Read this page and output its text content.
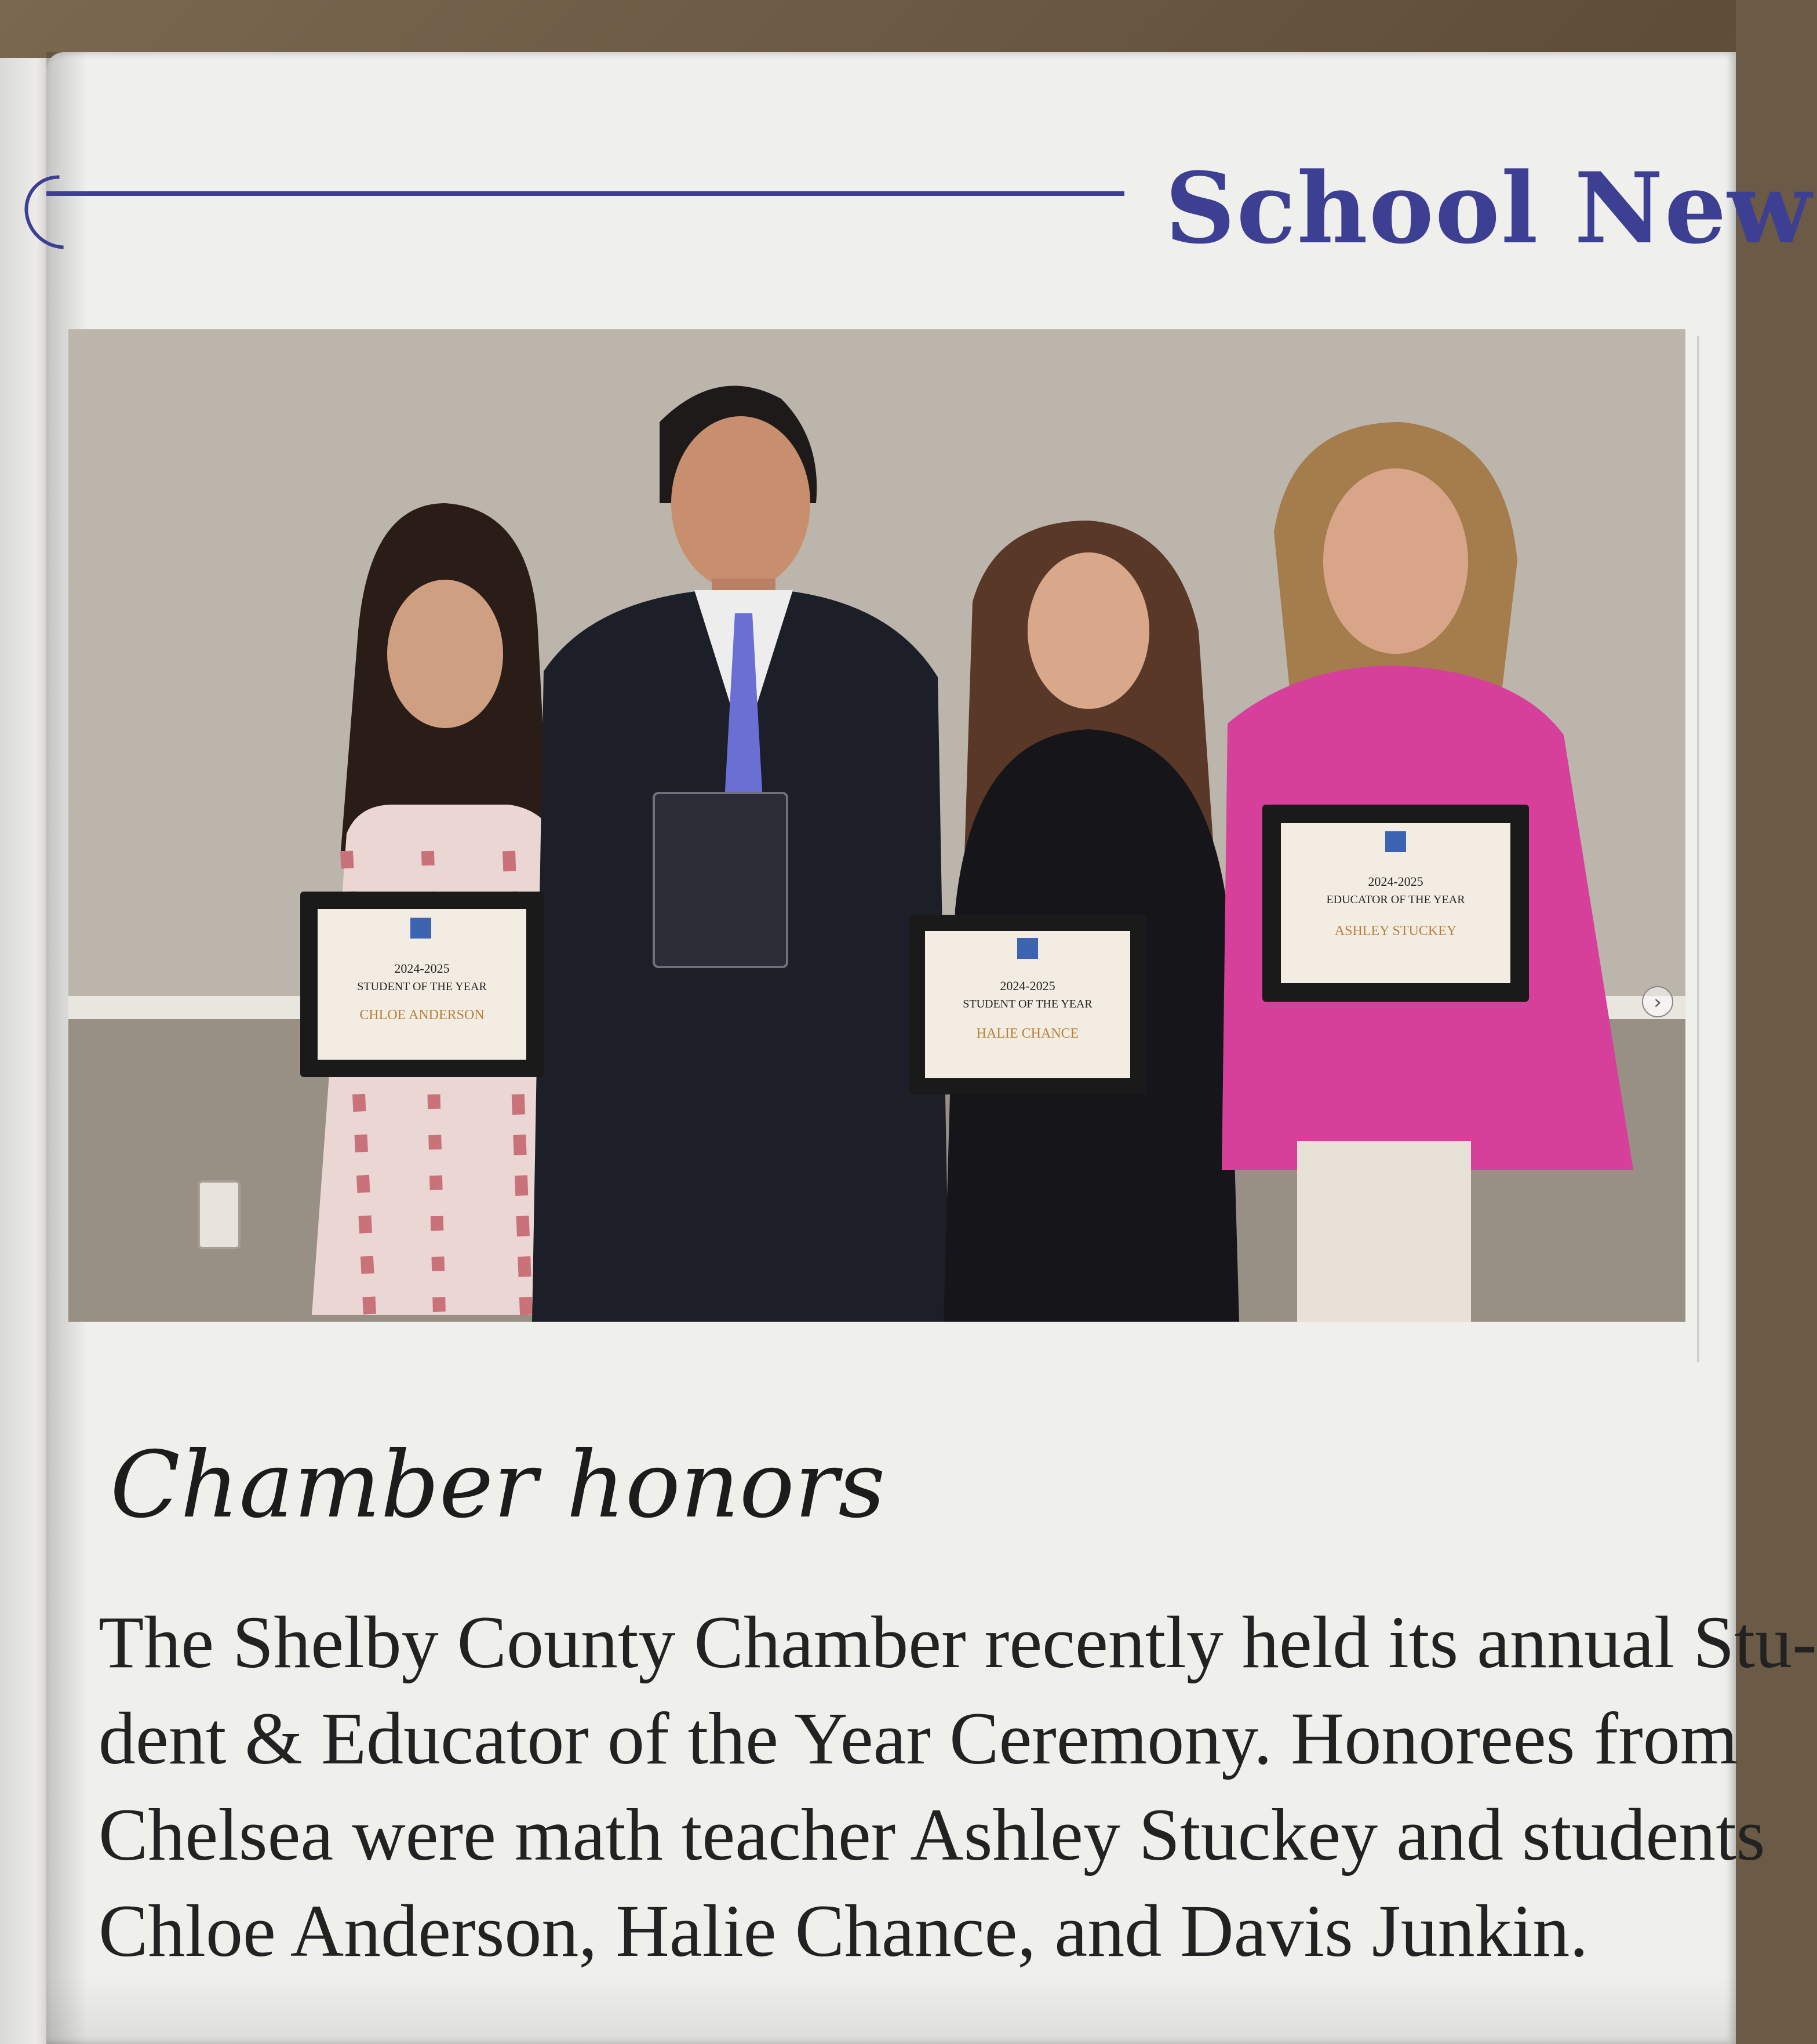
School New
2024-2025
STUDENT OF THE YEAR
CHLOE ANDERSON
2024-2025
STUDENT OF THE YEAR
HALIE CHANCE
2024-2025
EDUCATOR OF THE YEAR
ASHLEY STUCKEY
›
Chamber honors
The Shelby County Chamber recently held its annual Stu-
dent & Educator of the Year Ceremony. Honorees from
Chelsea were math teacher Ashley Stuckey and students
Chloe Anderson, Halie Chance, and Davis Junkin.
